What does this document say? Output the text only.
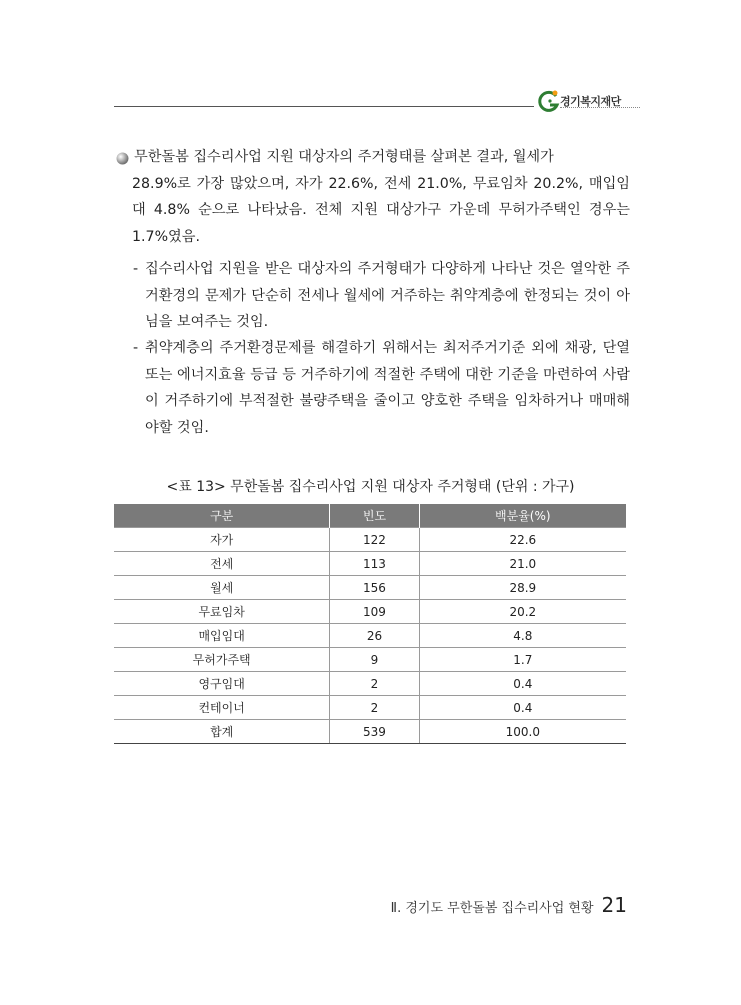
경기복지재단
무한돌봄 집수리사업 지원 대상자의 주거형태를 살펴본 결과, 월세가
28.9%로 가장 많았으며, 자가 22.6%, 전세 21.0%, 무료임차 20.2%, 매입임대 4.8% 순으로 나타났음. 전체 지원 대상가구 가운데 무허가주택인 경우는 1.7%였음.
- 집수리사업 지원을 받은 대상자의 주거형태가 다양하게 나타난 것은 열악한 주거환경의 문제가 단순히 전세나 월세에 거주하는 취약계층에 한정되는 것이 아님을 보여주는 것임.
- 취약계층의 주거환경문제를 해결하기 위해서는 최저주거기준 외에 채광, 단열 또는 에너지효율 등급 등 거주하기에 적절한 주택에 대한 기준을 마련하여 사람이 거주하기에 부적절한 불량주택을 줄이고 양호한 주택을 임차하거나 매매해야할 것임.
<표 13> 무한돌봄 집수리사업 지원 대상자 주거형태 (단위 : 가구)
구분	빈도	백분율(%)
자가	122	22.6
전세	113	21.0
월세	156	28.9
무료임차	109	20.2
매입임대	26	4.8
무허가주택	9	1.7
영구임대	2	0.4
컨테이너	2	0.4
합계	539	100.0
Ⅱ. 경기도 무한돌봄 집수리사업 현황 21
